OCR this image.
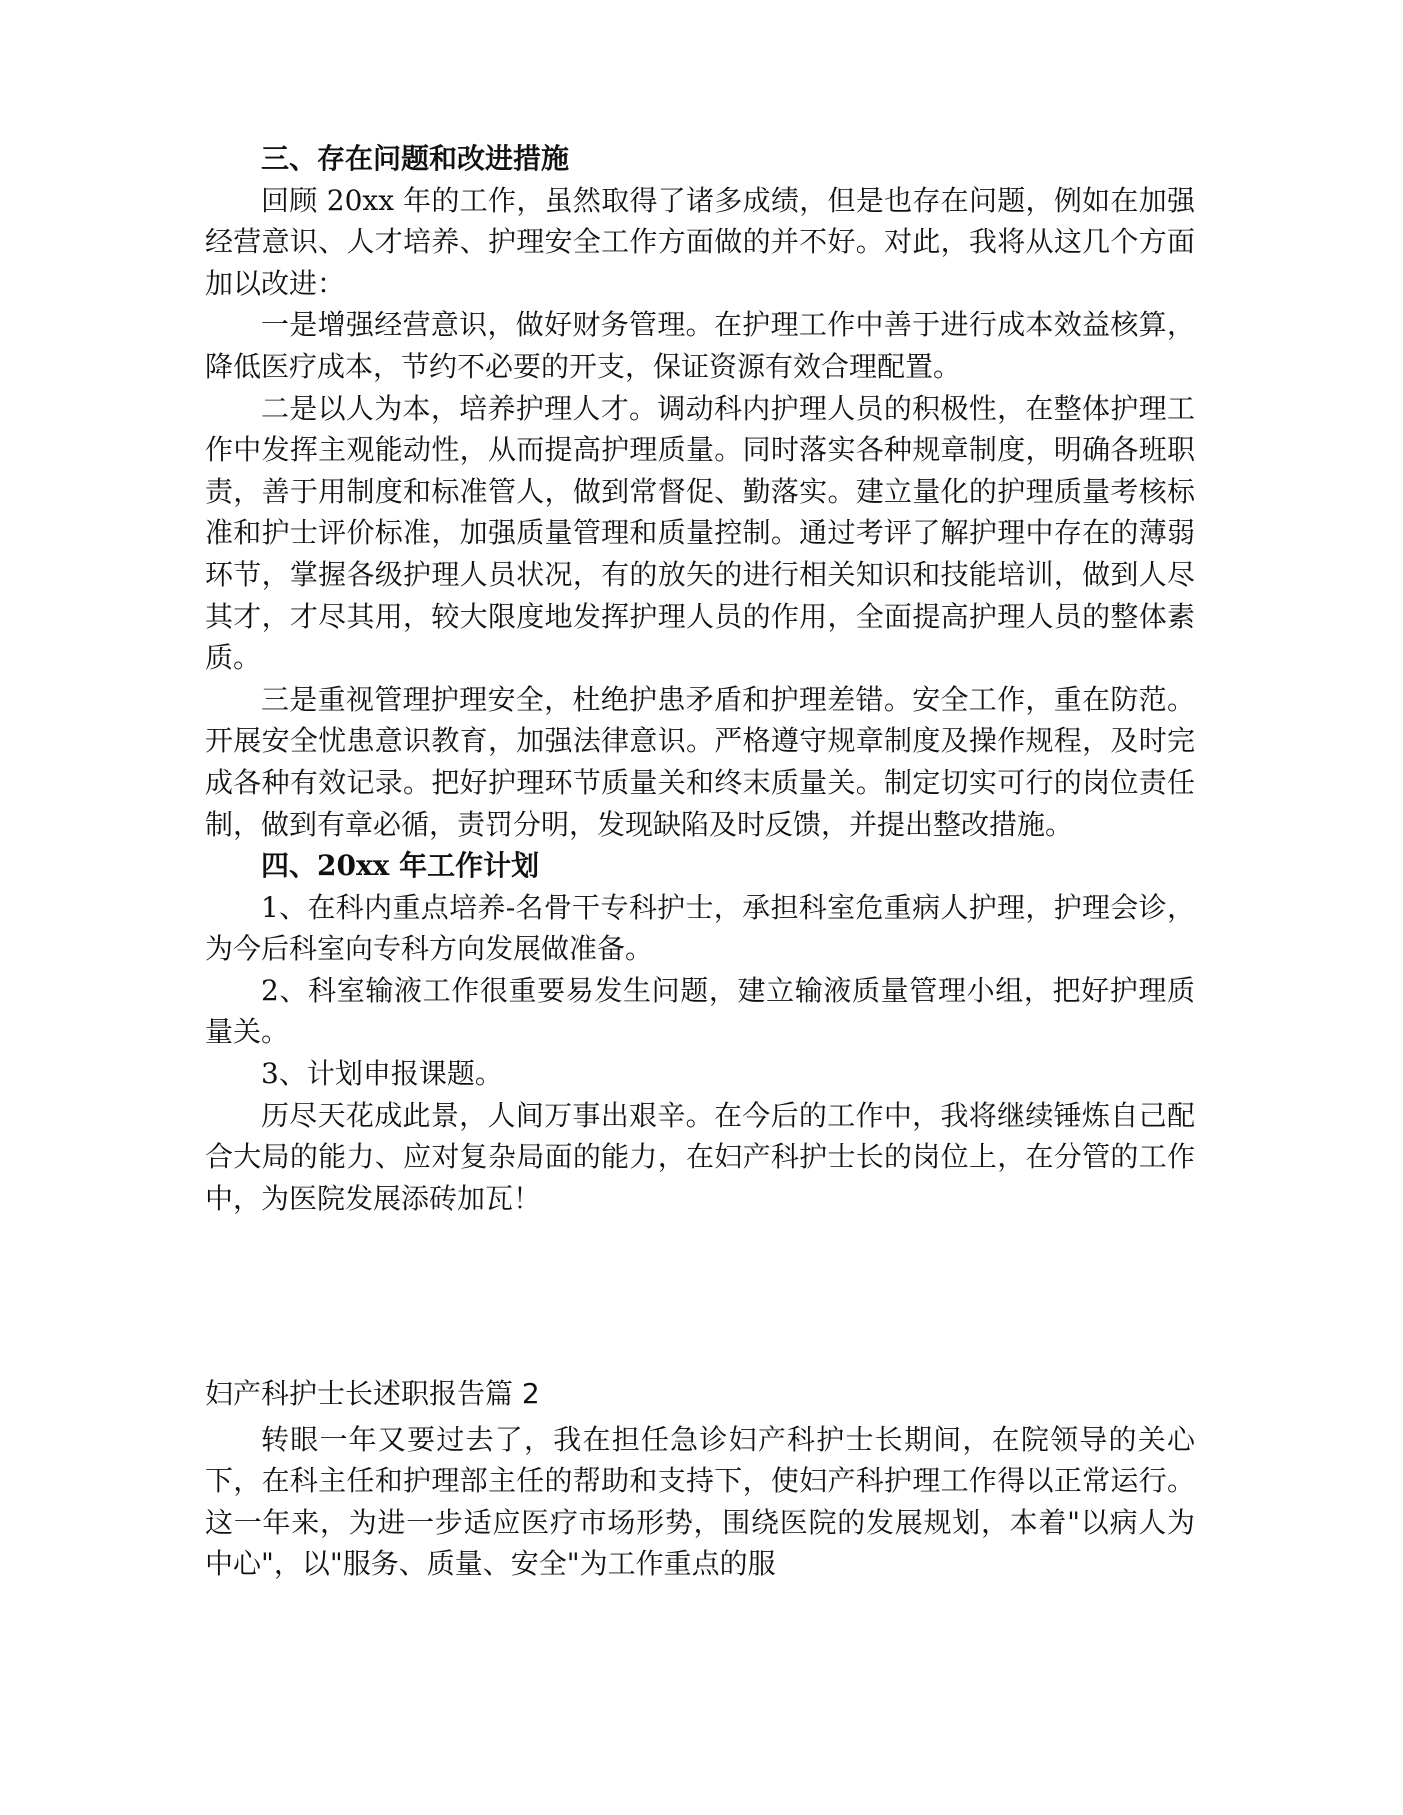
三、存在问题和改进措施

回顾 20xx 年的工作，虽然取得了诸多成绩，但是也存在问题，例如在加强经营意识、人才培养、护理安全工作方面做的并不好。对此，我将从这几个方面加以改进：

一是增强经营意识，做好财务管理。在护理工作中善于进行成本效益核算，降低医疗成本，节约不必要的开支，保证资源有效合理配置。

二是以人为本，培养护理人才。调动科内护理人员的积极性，在整体护理工作中发挥主观能动性，从而提高护理质量。同时落实各种规章制度，明确各班职责，善于用制度和标准管人，做到常督促、勤落实。建立量化的护理质量考核标准和护士评价标准，加强质量管理和质量控制。通过考评了解护理中存在的薄弱环节，掌握各级护理人员状况，有的放矢的进行相关知识和技能培训，做到人尽其才，才尽其用，较大限度地发挥护理人员的作用，全面提高护理人员的整体素质。

三是重视管理护理安全，杜绝护患矛盾和护理差错。安全工作，重在防范。开展安全忧患意识教育，加强法律意识。严格遵守规章制度及操作规程，及时完成各种有效记录。把好护理环节质量关和终末质量关。制定切实可行的岗位责任制，做到有章必循，责罚分明，发现缺陷及时反馈，并提出整改措施。

四、20xx 年工作计划

1、在科内重点培养-名骨干专科护士，承担科室危重病人护理，护理会诊，为今后科室向专科方向发展做准备。

2、科室输液工作很重要易发生问题，建立输液质量管理小组，把好护理质量关。

3、计划申报课题。

历尽天花成此景，人间万事出艰辛。在今后的工作中，我将继续锤炼自己配合大局的能力、应对复杂局面的能力，在妇产科护士长的岗位上，在分管的工作中，为医院发展添砖加瓦！

妇产科护士长述职报告篇 2

转眼一年又要过去了，我在担任急诊妇产科护士长期间，在院领导的关心下，在科主任和护理部主任的帮助和支持下，使妇产科护理工作得以正常运行。这一年来，为进一步适应医疗市场形势，围绕医院的发展规划，本着"以病人为中心"，以"服务、质量、安全"为工作重点的服
